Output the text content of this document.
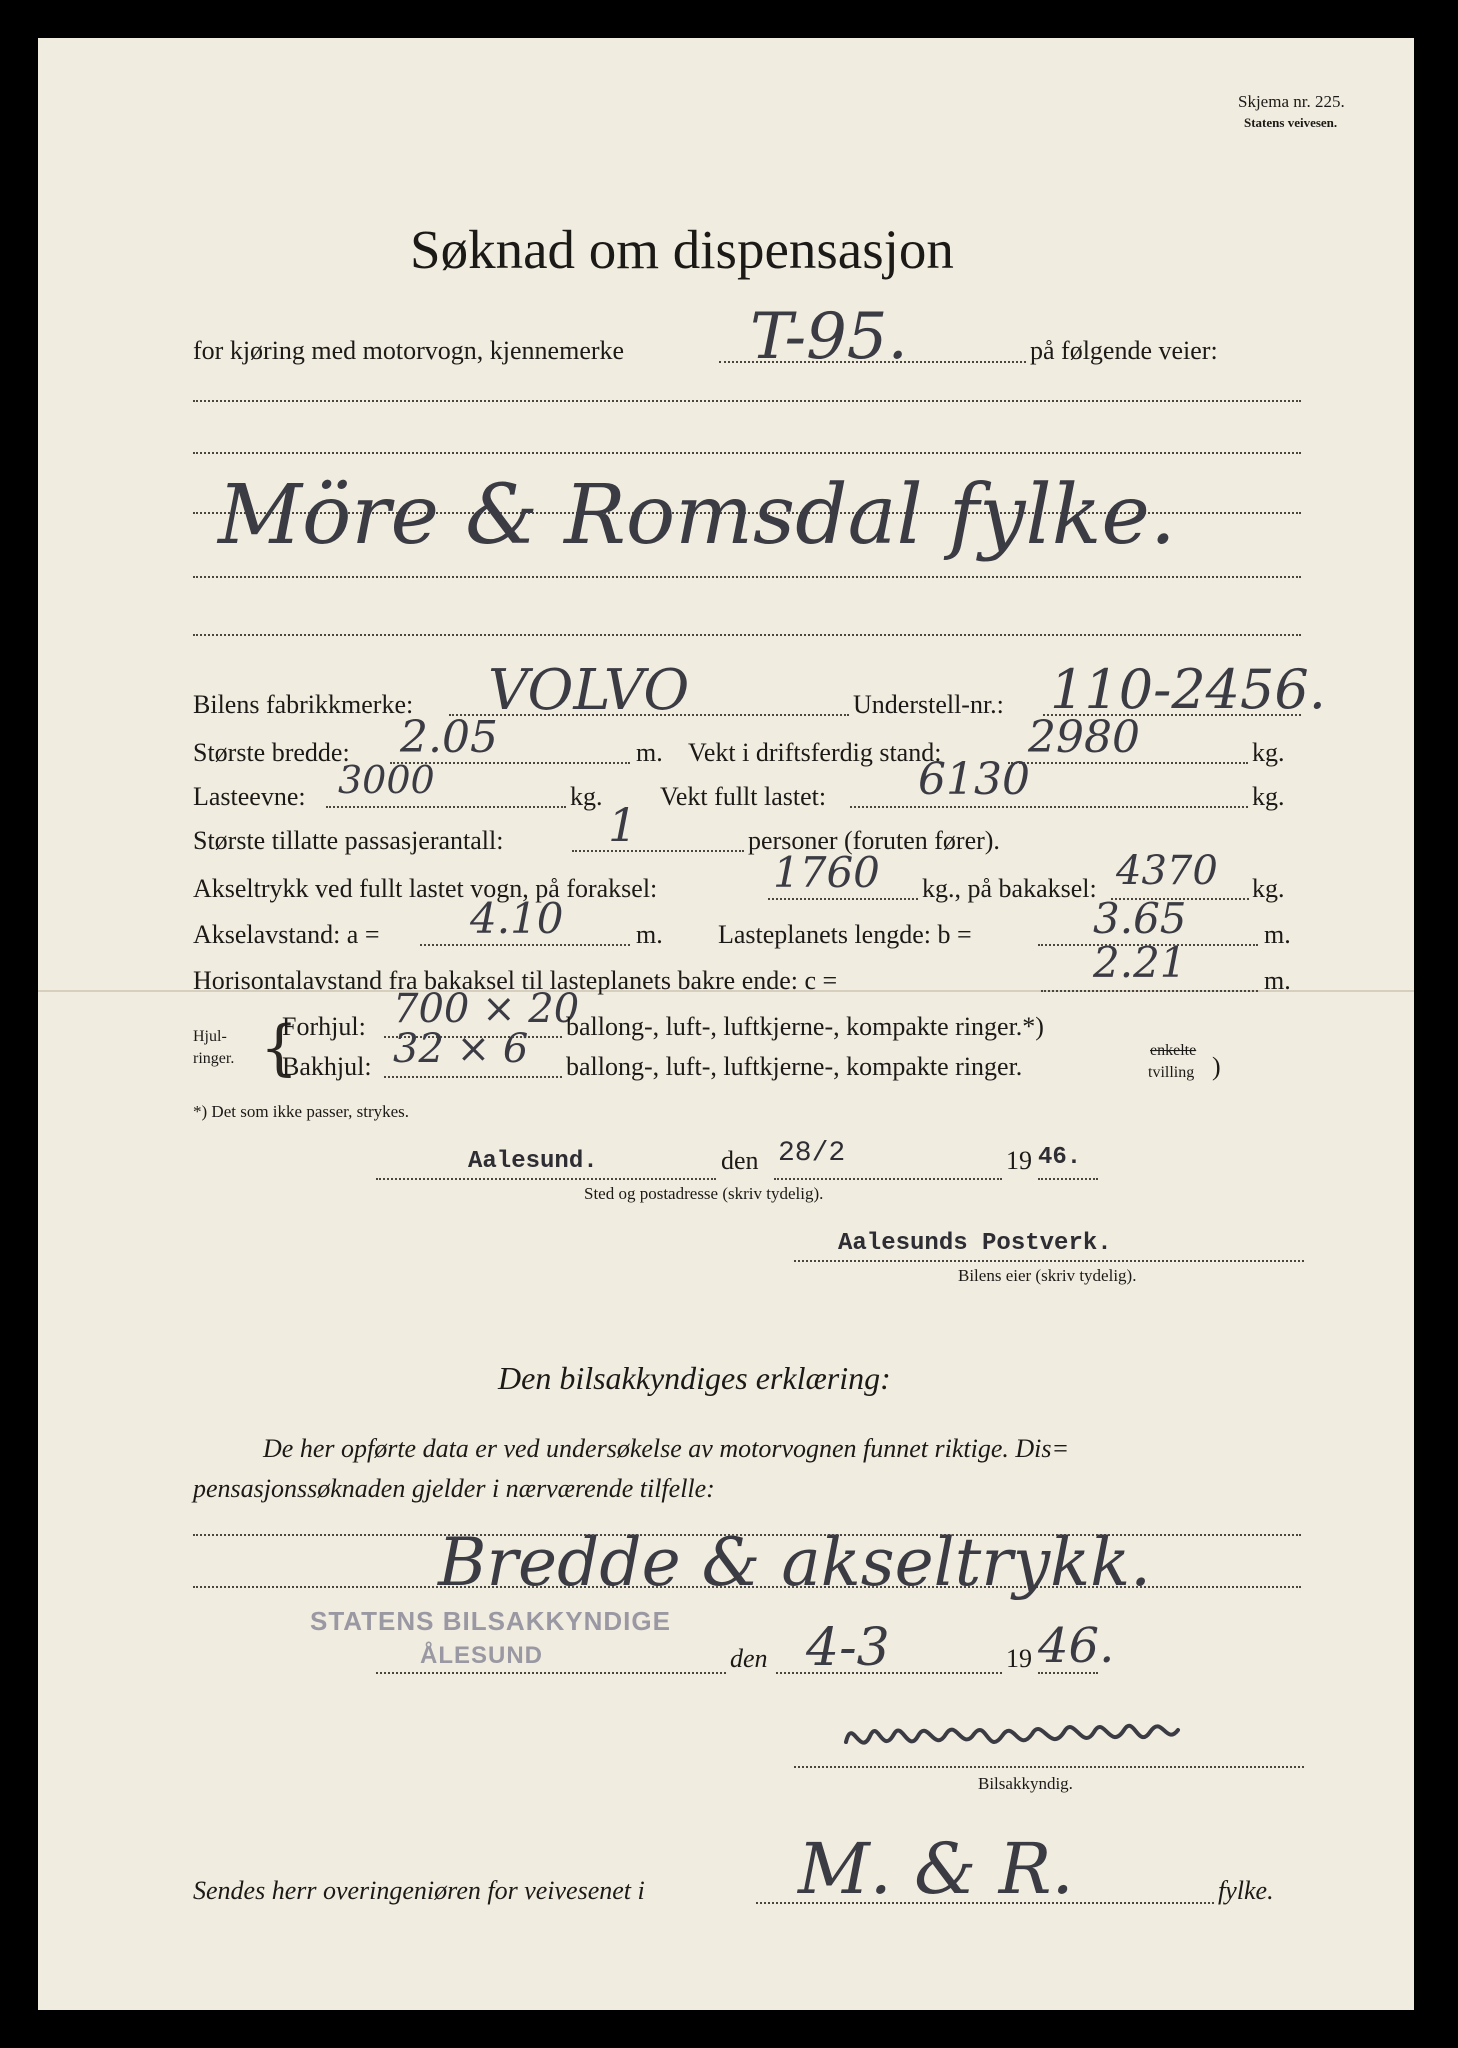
Skjema nr. 225.
Statens veivesen.
Søknad om dispensasjon
for kjøring med motorvogn, kjennemerke T-95.	på følgende veier:
Möre & Romsdal fylke.
Bilens fabrikkmerke: VOLVO	Understell-nr.: 110-2456.
Største bredde: 2.05	m. Vekt i driftsferdig stand: 2980	kg.
Lasteevne: 3000	kg. Vekt fullt lastet: 6130	kg.
Største tillatte passasjerantall: 1	personer (foruten fører).
Akseltrykk ved fullt lastet vogn, på foraksel:	1760 kg., på bakaksel: 4370 kg.
Akselavstand: a = 4.10	m. Lasteplanets lengde: b =	3.65	m.
Horisontalavstand fra bakaksel til lasteplanets bakre ende: c =	2.21	m.
Hjul-
ringer. {
Forhjul: 700 × 20
ballong-, luft-, luftkjerne-, kompakte ringer.*)
Bakhjul: 32 × 6 ballong-, luft-, luftkjerne-, kompakte ringer.
enkelte
tvilling )
*) Det som ikke passer, strykes.
Aalesund.	den 28/2	19 46.
Sted og postadresse (skriv tydelig).
Aalesunds Postverk.
Bilens eier (skriv tydelig).
Den bilsakkyndiges erklæring:
De her opførte data er ved undersøkelse av motorvognen funnet riktige. Dis=
pensasjonssøknaden gjelder i nærværende tilfelle:
Bredde & akseltrykk.
STATENS BILSAKKYNDIGE
ÅLESUND	den 4-3	19 46.
Bilsakkyndig.
Sendes herr overingeniøren for veivesenet i M. & R.	fylke.
